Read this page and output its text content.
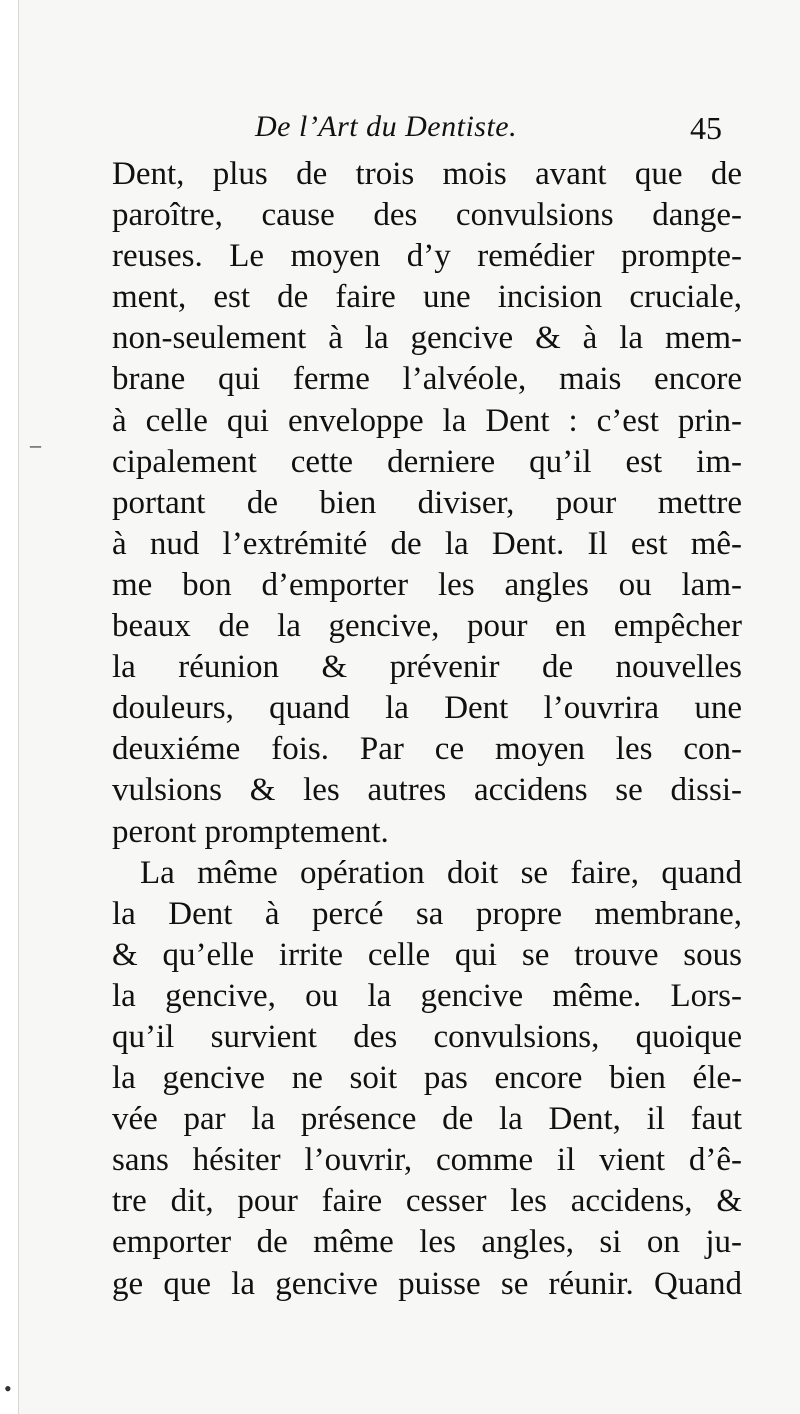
De l’Art du Dentiste.	45
Dent, plus de trois mois avant que de
paroître, cause des convulsions dange-
reuses. Le moyen d’y remédier prompte-
ment, est de faire une incision cruciale,
non-seulement à la gencive & à la mem-
brane qui ferme l’alvéole, mais encore
à celle qui enveloppe la Dent : c’est prin-
cipalement cette derniere qu’il est im-
portant de bien diviser, pour mettre
à nud l’extrémité de la Dent. Il est mê-
me bon d’emporter les angles ou lam-
beaux de la gencive, pour en empêcher
la réunion & prévenir de nouvelles
douleurs, quand la Dent l’ouvrira une
deuxiéme fois. Par ce moyen les con-
vulsions & les autres accidens se dissi-
peront promptement.
La même opération doit se faire, quand
la Dent à percé sa propre membrane,
& qu’elle irrite celle qui se trouve sous
la gencive, ou la gencive même. Lors-
qu’il survient des convulsions, quoique
la gencive ne soit pas encore bien éle-
vée par la présence de la Dent, il faut
sans hésiter l’ouvrir, comme il vient d’ê-
tre dit, pour faire cesser les accidens, &
emporter de même les angles, si on ju-
ge que la gencive puisse se réunir. Quand
–
•
